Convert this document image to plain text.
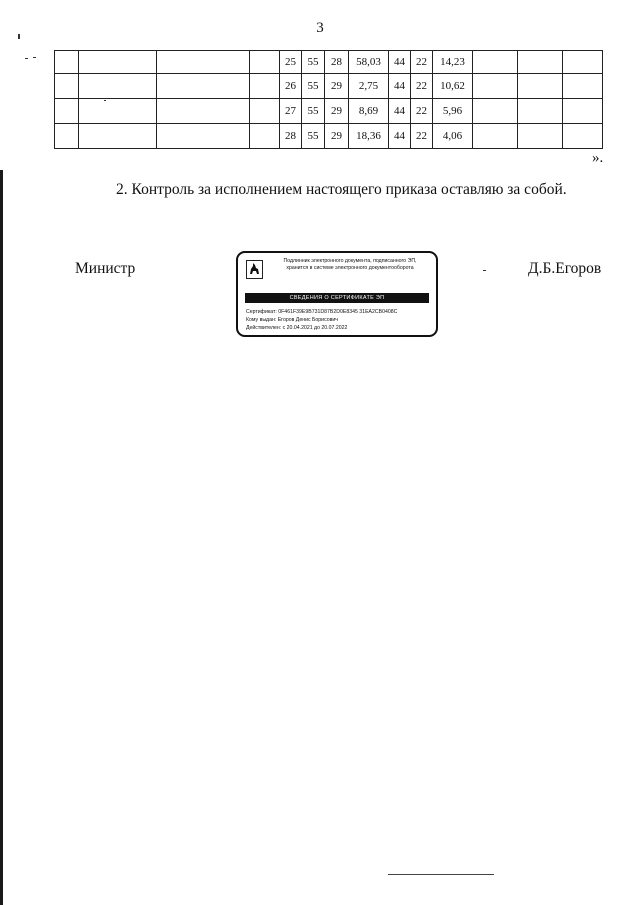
3
				25	55	28	58,03	44	22	14,23			
				26	55	29	2,75	44	22	10,62			
				27	55	29	8,69	44	22	5,96			
				28	55	29	18,36	44	22	4,06			
».
2. Контроль за исполнением настоящего приказа оставляю за собой.
Министр	Подлинник электронного документа, подписанного ЭП,
хранится в системе электронного документооборота
СВЕДЕНИЯ О СЕРТИФИКАТЕ ЭП
Сертификат: 0F461F39E9B731D87B2D0E8345 31EA2CB0408C
Кому выдан: Егоров Денис Борисович
Действителен: с 20.04.2021 до 20.07.2022
Д.Б.Егоров
